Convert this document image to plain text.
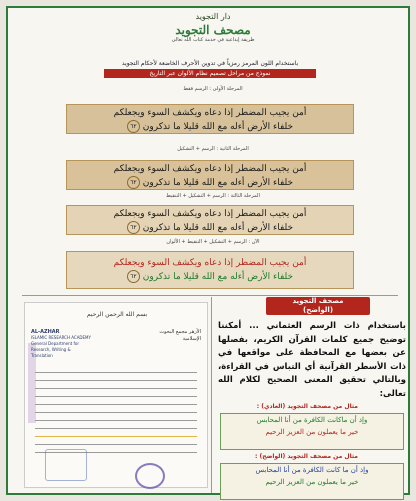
دار التجويد
مصحف التجويد
طريقة إبداعية في خدمة كتاب الله تعالى
باستخدام اللون المرمز رمزياً في تدوين الأحرف الخاضعة لأحكام التجويد
نموذج من مراحل تصميم نظام الألوان عبر التاريخ
المرحلة الأولى : الرسم فقط
أمن يجيب المضطر إذا دعاه ويكشف السوء ويجعلكم
خلفاء الأرض أءله مع الله قليلا ما تذكرون ٦٢
المرحلة الثانية : الرسم + التشكيل
أمن يجيب المضطر إذا دعاه ويكشف السوء ويجعلكم
خلفاء الأرض أءله مع الله قليلا ما تذكرون ٦٢
المرحلة الثالثة : الرسم + التشكيل + التنقيط
أمن يجيب المضطر إذا دعاه ويكشف السوء ويجعلكم
خلفاء الأرض أءله مع الله قليلا ما تذكرون ٦٢
الآن : الرسم + التشكيل + التنقيط + الألوان
أمن يجيب المضطر إذا دعاه ويكشف السوء ويجعلكم
خلفاء الأرض أءله مع الله قليلا ما تذكرون ٦٢
بسم الله الرحمن الرحيم
الأزهر مجمع البحوث الإسلامية
AL-AZHAR
ISLAMIC RESEARCH ACADEMY
General Department for Research, Writing & Translation
مصحف التجويد
(الواضح)
باستخدام ذات الرسم العثماني ... أمكننا توضيح جميع كلمات القرآن الكريم، بفصلها عن بعضها مع المحافظة على مواقعها في ذات الأسطر القرآنية أي التباس في القراءة، وبالتالي تحقيق المعنى الصحيح لكلام الله تعالى:
مثال من مصحف التجويد (العادي) :
وإذ أن ماكانت الكافرة من أنا المحابس
خير ما يعملون من العزيز الرحيم
مثال من مصحف التجويد (الواضح) :
وإذ أن ما كانت الكافرة من أنا المحابس
خير ما يعملون من العزيز الرحيم
